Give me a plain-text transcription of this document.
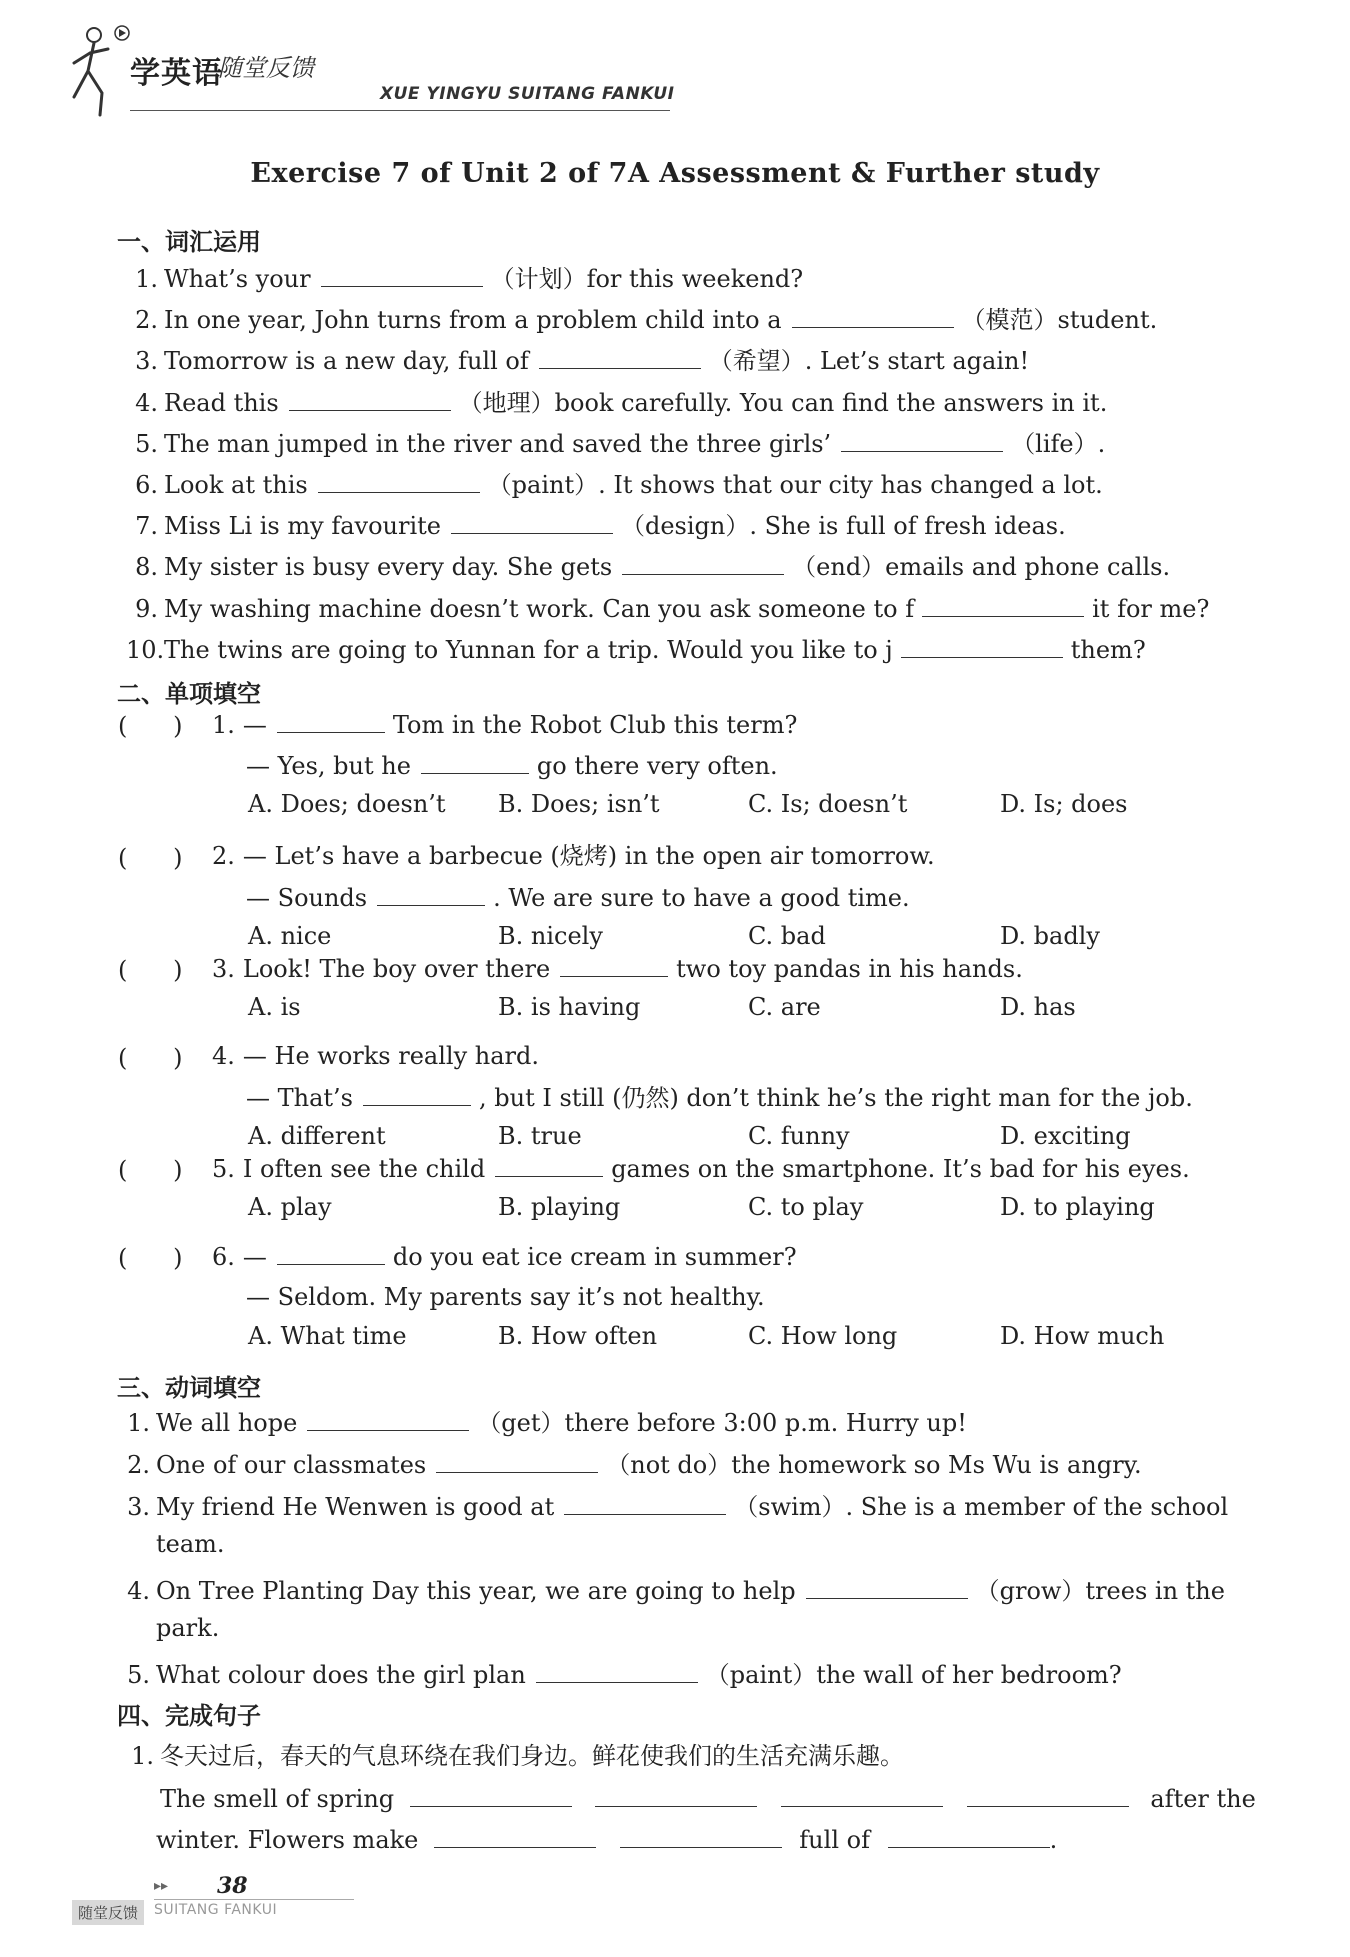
学英语
随堂反馈
XUE YINGYU SUITANG FANKUI
Exercise 7 of Unit 2 of 7A Assessment & Further study
一、词汇运用
1. What’s your	（计划）for this weekend?
2. In one year, John turns from a problem child into a	（模范）student.
3. Tomorrow is a new day, full of	（希望）. Let’s start again!
4. Read this	（地理）book carefully. You can find the answers in it.
5. The man jumped in the river and saved the three girls’	（life）.
6. Look at this	（paint）. It shows that our city has changed a lot.
7. Miss Li is my favourite	（design）. She is full of fresh ideas.
8. My sister is busy every day. She gets	（end）emails and phone calls.
9. My washing machine doesn’t work. Can you ask someone to f	it for me?
10.The twins are going to Yunnan for a trip. Would you like to j	them?
二、单项填空
(      ) 1. —	Tom in the Robot Club this term?
— Yes, but he	go there very often.
A. Does; doesn’t B. Does; isn’t	C. Is; doesn’t	D. Is; does
(      ) 2. — Let’s have a barbecue (烧烤) in the open air tomorrow.
— Sounds	. We are sure to have a good time.
A. nice	B. nicely	C. bad	D. badly
(      ) 3. Look! The boy over there	two toy pandas in his hands.
A. is	B. is having	C. are	D. has
(      ) 4. — He works really hard.
— That’s	, but I still (仍然) don’t think he’s the right man for the job.
A. different	B. true	C. funny	D. exciting
(      ) 5. I often see the child	games on the smartphone. It’s bad for his eyes.
A. play	B. playing	C. to play	D. to playing
(      ) 6. —	do you eat ice cream in summer?
— Seldom. My parents say it’s not healthy.
A. What time	B. How often	C. How long	D. How much
三、动词填空
1. We all hope	（get）there before 3:00 p.m. Hurry up!
2. One of our classmates	（not do）the homework so Ms Wu is angry.
3. My friend He Wenwen is good at	（swim）. She is a member of the school
team.
4. On Tree Planting Day this year, we are going to help	（grow）trees in the
park.
5. What colour does the girl plan	（paint）the wall of her bedroom?
四、完成句子
1. 冬天过后，春天的气息环绕在我们身边。鲜花使我们的生活充满乐趣。
The smell of spring	after the
winter. Flowers make	full of	.
▸▸ 38
随堂反馈	SUITANG FANKUI
